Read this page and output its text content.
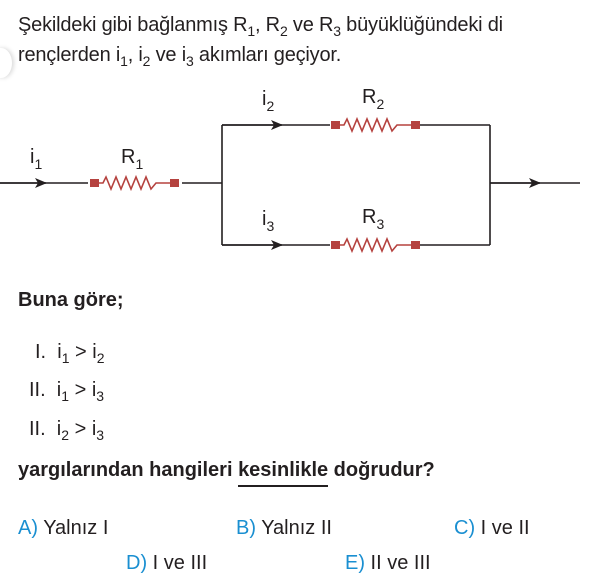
Şekildeki gibi bağlanmış $R_1$, $R_2$ ve $R_3$ büyüklüğündeki di
rençlerden $i_1$, $i_2$ ve $i_3$ akımları geçiyor.
$i_1$	$R_1$
$i_2$	$R_2$
$i_3$	$R_3$
Buna göre;
I. $i_1 > i_2$
II. $i_1 > i_3$
II. $i_2 > i_3$
yargılarından hangileri kesinlikle doğrudur?
A) Yalnız I	B) Yalnız II	C) I ve II
D) I ve III	E) II ve III
